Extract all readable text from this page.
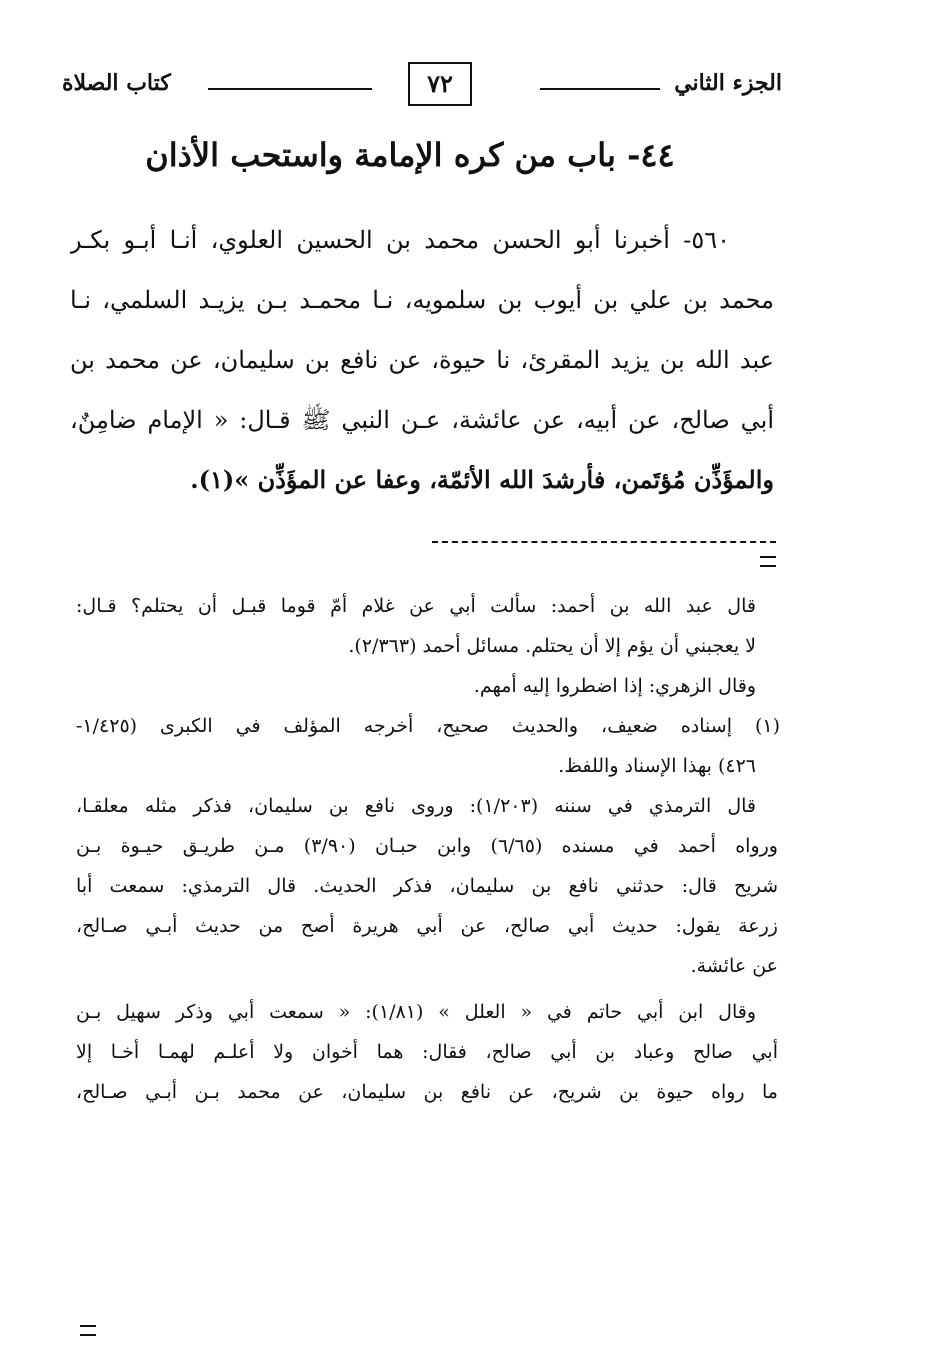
الجزء الثاني
٧٢
كتاب الصلاة
٤٤- باب من كره الإمامة واستحب الأذان
٥٦٠- أخبرنا أبو الحسن محمد بن الحسين العلوي، أنـا أبـو بكـر
محمد بن علي بن أيوب بن سلمويه، نـا محمـد بـن يزيـد السلمي، نـا
عبد الله بن يزيد المقرئ، نا حيوة، عن نافع بن سليمان، عن محمد بن
أبي صالح، عن أبيه، عن عائشة، عـن النبي ﷺ قـال: « الإمام ضامِنٌ،
والمؤَذِّن مُؤتَمن، فأرشدَ الله الأئمّة، وعفا عن المؤَذِّن »(١).
قال عبد الله بن أحمد: سألت أبي عن غلام أمّ قوما قبـل أن يحتلم؟ قـال:
لا يعجبني أن يؤم إلا أن يحتلم. مسائل أحمد (٢/٣٦٣).
وقال الزهري: إذا اضطروا إليه أمهم.
(١) إسناده ضعيف، والحديث صحيح، أخرجه المؤلف في الكبرى (١/٤٢٥-
٤٢٦) بهذا الإسناد واللفظ.
قال الترمذي في سننه (١/٢٠٣): وروى نافع بن سليمان، فذكر مثله معلقـا،
ورواه أحمد في مسنده (٦/٦٥) وابن حبـان (٣/٩٠) مـن طريـق حيـوة بـن
شريح قال: حدثني نافع بن سليمان، فذكر الحديث. قال الترمذي: سمعت أبا
زرعة يقول: حديث أبي صالح، عن أبي هريرة أصح من حديث أبـي صـالح،
عن عائشة.
وقال ابن أبي حاتم في « العلل » (١/٨١): « سمعت أبي وذكر سهيل بـن
أبي صالح وعباد بن أبي صالح، فقال: هما أخوان ولا أعلـم لهمـا أخـا إلا
ما رواه حيوة بن شريح، عن نافع بن سليمان، عن محمد بـن أبـي صـالح،
